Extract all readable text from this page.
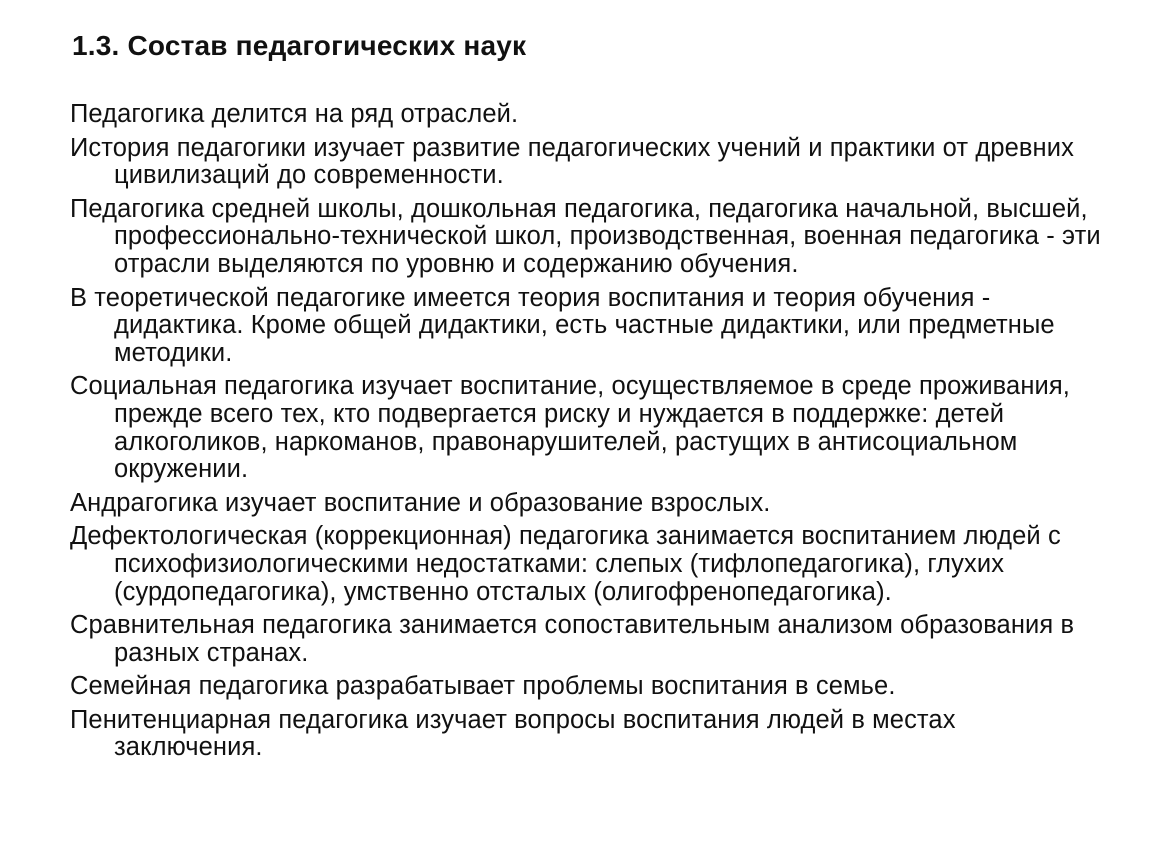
1.3. Состав педагогических наук

Педагогика делится на ряд отраслей.

История педагогики изучает развитие педагогических учений и практики от древних цивилизаций до современности.

Педагогика средней школы, дошкольная педагогика, педагогика начальной, высшей, профессионально-технической школ, производственная, военная педагогика - эти отрасли выделяются по уровню и содержанию обучения.

В теоретической педагогике имеется теория воспитания и теория обучения - дидактика. Кроме общей дидактики, есть частные дидактики, или предметные методики.

Социальная педагогика изучает воспитание, осуществляемое в среде проживания, прежде всего тех, кто подвергается риску и нуждается в поддержке: детей алкоголиков, наркоманов, правонарушителей, растущих в антисоциальном окружении.

Андрагогика изучает воспитание и образование взрослых.

Дефектологическая (коррекционная) педагогика занимается воспитанием людей с психофизиологическими недостатками: слепых (тифлопедагогика), глухих (сурдопедагогика), умственно отсталых (олигофренопедагогика).

Сравнительная педагогика занимается сопоставительным анализом образования в разных странах.

Семейная педагогика разрабатывает проблемы воспитания в семье.

Пенитенциарная педагогика изучает вопросы воспитания людей в местах заключения.
